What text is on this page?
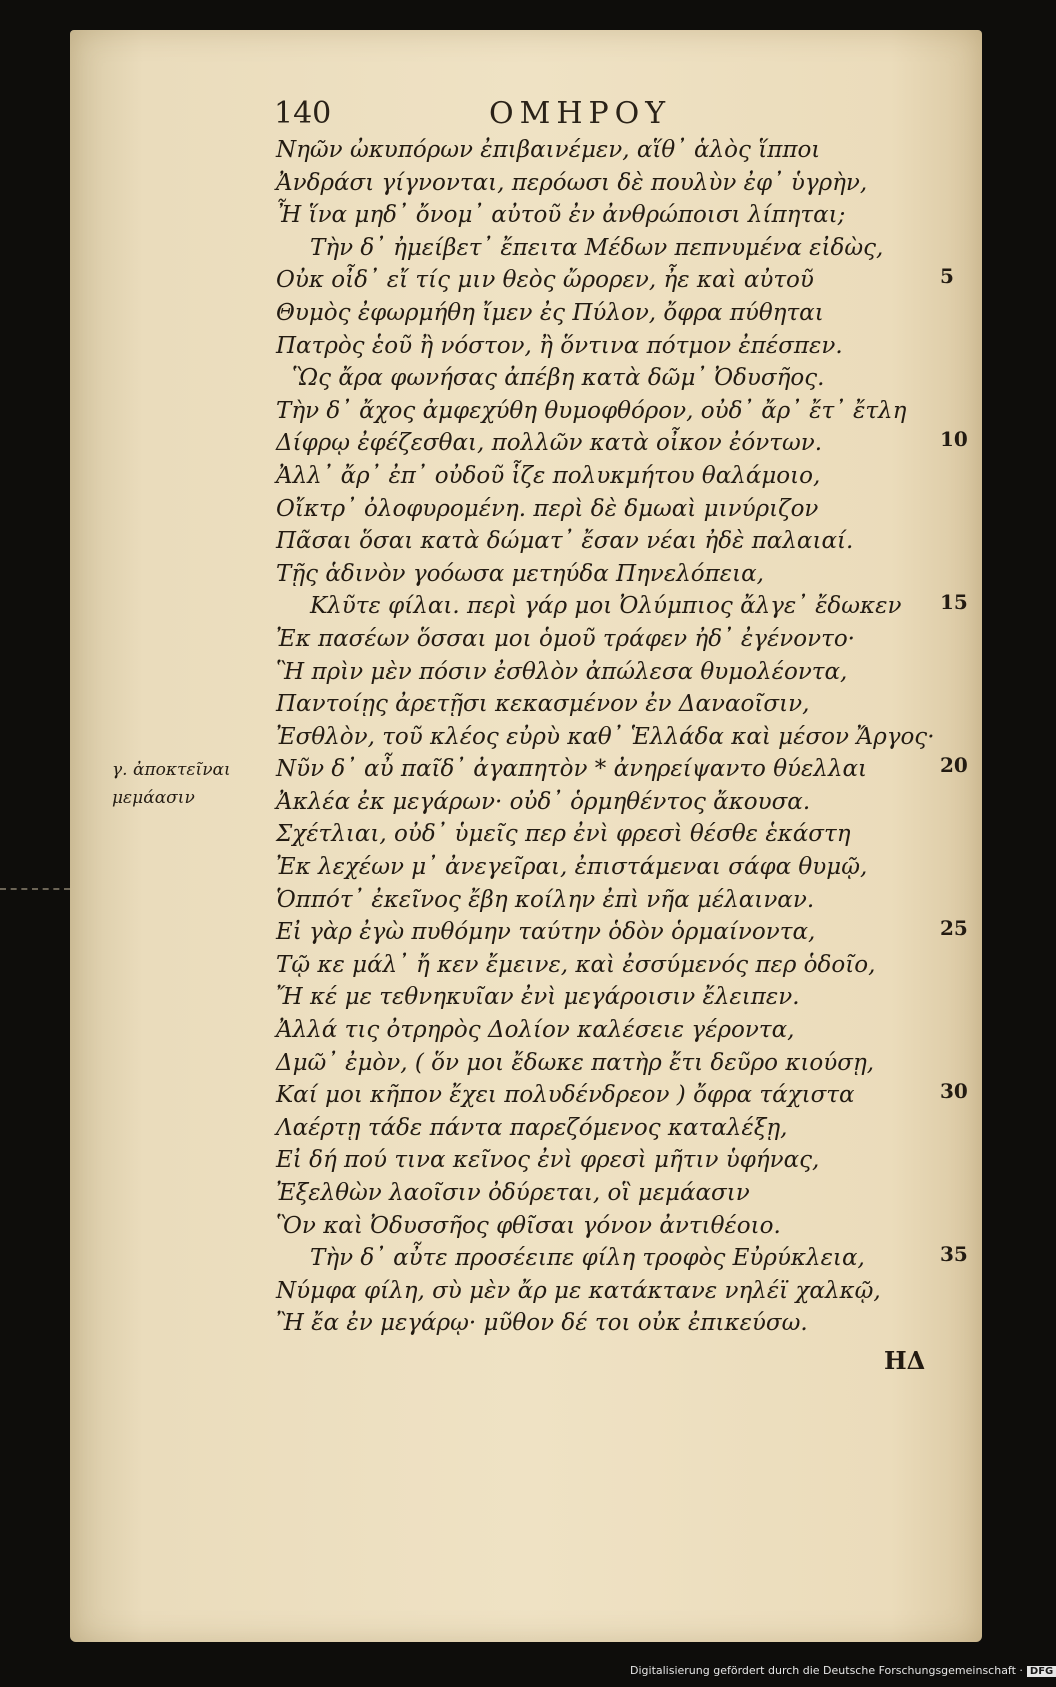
140	ΟΜΗΡΟΥ
Νηῶν ὠκυπόρων ἐπιβαινέμεν, αἵθ᾽ ἁλὸς ἵπποι
Ἀνδράσι γίγνονται, περόωσι δὲ πουλὺν ἐφ᾽ ὑγρὴν,
Ἦ ἵνα μηδ᾽ ὄνομ᾽ αὐτοῦ ἐν ἀνθρώποισι λίπηται;
Τὴν δ᾽ ἠμείβετ᾽ ἔπειτα Μέδων πεπνυμένα εἰδὼς,
Οὐκ οἶδ᾽ εἴ τίς μιν θεὸς ὤρορεν, ἦε καὶ αὐτοῦ
Θυμὸς ἐφωρμήθη ἴμεν ἐς Πύλον, ὄφρα πύθηται
Πατρὸς ἑοῦ ἢ νόστον, ἢ ὅντινα πότμον ἐπέσπεν.
Ὣς ἄρα φωνήσας ἀπέβη κατὰ δῶμ᾽ Ὀδυσῆος.
Τὴν δ᾽ ἄχος ἀμφεχύθη θυμοφθόρον, οὐδ᾽ ἄρ᾽ ἔτ᾽ ἔτλη
Δίφρῳ ἐφέζεσθαι, πολλῶν κατὰ οἶκον ἐόντων.
Ἀλλ᾽ ἄρ᾽ ἐπ᾽ οὐδοῦ ἷζε πολυκμήτου θαλάμοιο,
Οἴκτρ᾽ ὀλοφυρομένη. περὶ δὲ δμωαὶ μινύριζον
Πᾶσαι ὅσαι κατὰ δώματ᾽ ἔσαν νέαι ἠδὲ παλαιαί.
Τῇς ἁδινὸν γοόωσα μετηύδα Πηνελόπεια,
Κλῦτε φίλαι. περὶ γάρ μοι Ὀλύμπιος ἄλγε᾽ ἔδωκεν
Ἐκ πασέων ὅσσαι μοι ὁμοῦ τράφεν ἠδ᾽ ἐγένοντο·
Ἣ πρὶν μὲν πόσιν ἐσθλὸν ἀπώλεσα θυμολέοντα,
Παντοίῃς ἀρετῇσι κεκασμένον ἐν Δαναοῖσιν,
Ἐσθλὸν, τοῦ κλέος εὐρὺ καθ᾽ Ἑλλάδα καὶ μέσον Ἄργος·
Νῦν δ᾽ αὖ παῖδ᾽ ἀγαπητὸν * ἀνηρείψαντο θύελλαι
Ἀκλέα ἐκ μεγάρων· οὐδ᾽ ὁρμηθέντος ἄκουσα.
Σχέτλιαι, οὐδ᾽ ὑμεῖς περ ἐνὶ φρεσὶ θέσθε ἑκάστη
Ἐκ λεχέων μ᾽ ἀνεγεῖραι, ἐπιστάμεναι σάφα θυμῷ,
Ὁππότ᾽ ἐκεῖνος ἔβη κοίλην ἐπὶ νῆα μέλαιναν.
Εἰ γὰρ ἐγὼ πυθόμην ταύτην ὁδὸν ὁρμαίνοντα,
Τῷ κε μάλ᾽ ἤ κεν ἔμεινε, καὶ ἐσσύμενός περ ὁδοῖο,
Ἤ κέ με τεθνηκυῖαν ἐνὶ μεγάροισιν ἔλειπεν.
Ἀλλά τις ὀτρηρὸς Δολίον καλέσειε γέροντα,
Δμῶ᾽ ἐμὸν, ( ὅν μοι ἔδωκε πατὴρ ἔτι δεῦρο κιούσῃ,
Καί μοι κῆπον ἔχει πολυδένδρεον ) ὄφρα τάχιστα
Λαέρτῃ τάδε πάντα παρεζόμενος καταλέξῃ,
Εἰ δή πού τινα κεῖνος ἐνὶ φρεσὶ μῆτιν ὑφήνας,
Ἐξελθὼν λαοῖσιν ὀδύρεται, οἳ μεμάασιν
Ὃν καὶ Ὀδυσσῆος φθῖσαι γόνον ἀντιθέοιο.
Τὴν δ᾽ αὖτε προσέειπε φίλη τροφὸς Εὐρύκλεια,
Νύμφα φίλη, σὺ μὲν ἄρ με κατάκτανε νηλέϊ χαλκῷ,
Ἢ ἔα ἐν μεγάρῳ· μῦθον δέ τοι οὐκ ἐπικεύσω.
5
10
15
20
25
30
35
γ. ἀποκτεῖναι
μεμάασιν
ΗΔ
Digitalisierung gefördert durch die Deutsche Forschungsgemeinschaft · DFG
